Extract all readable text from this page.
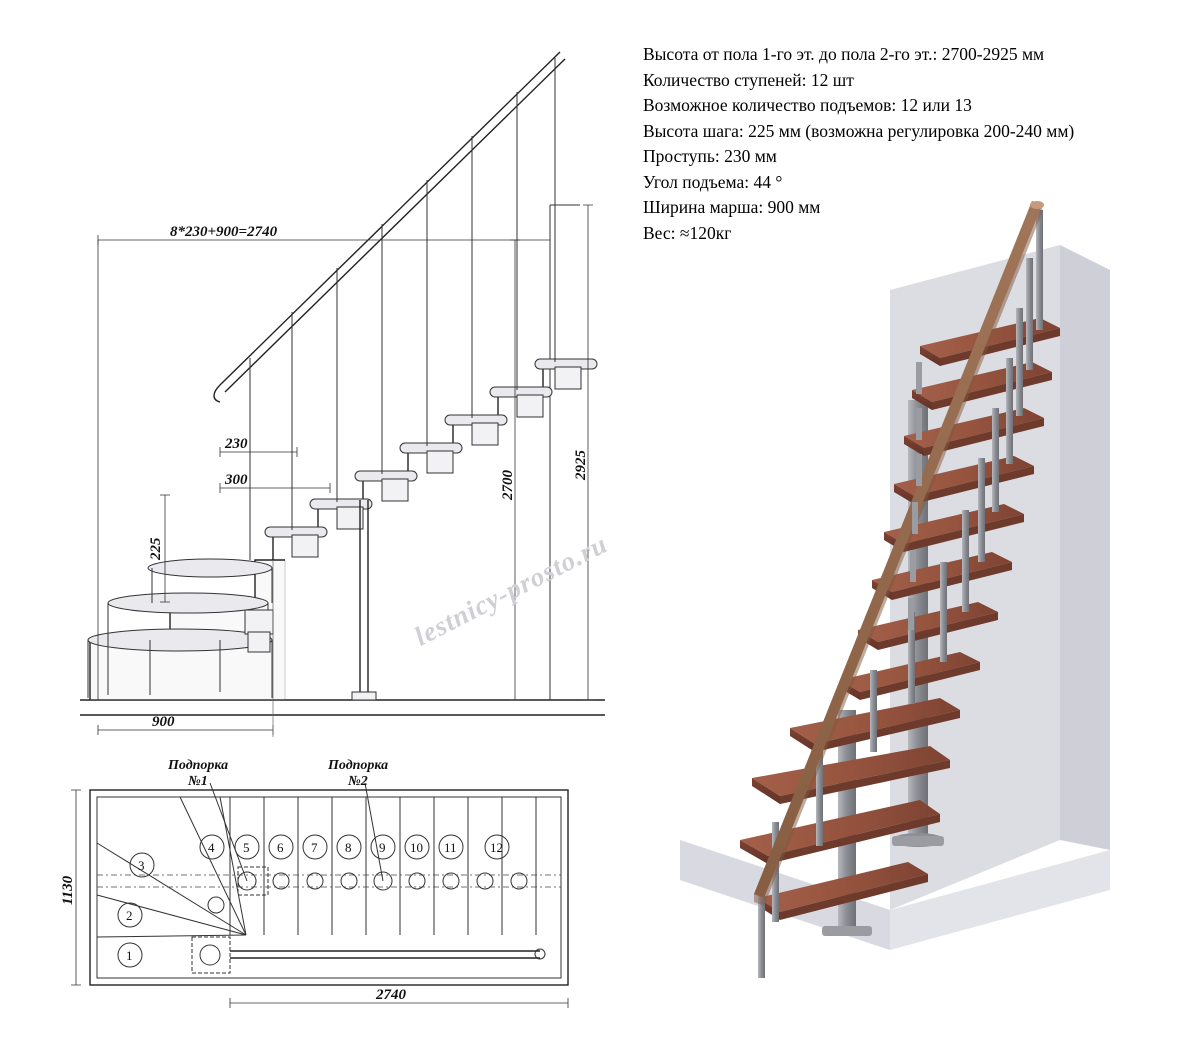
Высота от пола 1-го эт. до пола 2-го эт.: 2700-2925 мм
Количество ступеней: 12 шт
Возможное количество подъемов: 12 или 13
Высота шага: 225 мм (возможна регулировка 200-240 мм)
Проступь: 230 мм
Угол подъема: 44 °
Ширина марша: 900 мм
Вес: ≈120кг
8*230+900=2740
230
300
225
2700
2925
900
1
2
3
4 5 6 7 8 9 10 11	12
Подпорка
№1
Подпорка
№2
1130
2740
lestnicy-prosto.ru
